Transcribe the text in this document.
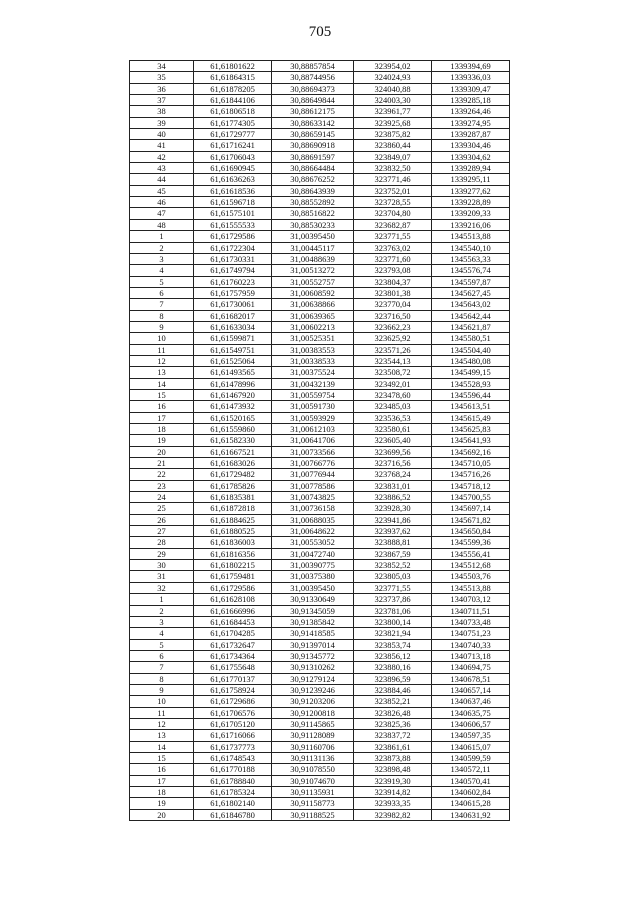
705
34	61,61801622	30,88857854	323954,02	1339394,69
35	61,61864315	30,88744956	324024,93	1339336,03
36	61,61878205	30,88694373	324040,88	1339309,47
37	61,61844106	30,88649844	324003,30	1339285,18
38	61,61806518	30,88612175	323961,77	1339264,46
39	61,61774305	30,88633142	323925,68	1339274,95
40	61,61729777	30,88659145	323875,82	1339287,87
41	61,61716241	30,88690918	323860,44	1339304,46
42	61,61706043	30,88691597	323849,07	1339304,62
43	61,61690945	30,88664484	323832,50	1339289,94
44	61,61636263	30,88676252	323771,46	1339295,11
45	61,61618536	30,88643939	323752,01	1339277,62
46	61,61596718	30,88552892	323728,55	1339228,89
47	61,61575101	30,88516822	323704,80	1339209,33
48	61,61555533	30,88530233	323682,87	1339216,06
1	61,61729586	31,00395450	323771,55	1345513,88
2	61,61722304	31,00445117	323763,02	1345540,10
3	61,61730331	31,00488639	323771,60	1345563,33
4	61,61749794	31,00513272	323793,08	1345576,74
5	61,61760223	31,00552757	323804,37	1345597,87
6	61,61757959	31,00608592	323801,38	1345627,45
7	61,61730061	31,00638866	323770,04	1345643,02
8	61,61682017	31,00639365	323716,50	1345642,44
9	61,61633034	31,00602213	323662,23	1345621,87
10	61,61599871	31,00525351	323625,92	1345580,51
11	61,61549751	31,00383553	323571,26	1345504,40
12	61,61525064	31,00338533	323544,13	1345480,08
13	61,61493565	31,00375524	323508,72	1345499,15
14	61,61478996	31,00432139	323492,01	1345528,93
15	61,61467920	31,00559754	323478,60	1345596,44
16	61,61473932	31,00591730	323485,03	1345613,51
17	61,61520165	31,00593929	323536,53	1345615,49
18	61,61559860	31,00612103	323580,61	1345625,83
19	61,61582330	31,00641706	323605,40	1345641,93
20	61,61667521	31,00733566	323699,56	1345692,16
21	61,61683026	31,00766776	323716,56	1345710,05
22	61,61729482	31,00776944	323768,24	1345716,26
23	61,61785826	31,00778586	323831,01	1345718,12
24	61,61835381	31,00743825	323886,52	1345700,55
25	61,61872818	31,00736158	323928,30	1345697,14
26	61,61884625	31,00688035	323941,86	1345671,82
27	61,61880525	31,00648622	323937,62	1345650,84
28	61,61836003	31,00553052	323888,81	1345599,36
29	61,61816356	31,00472740	323867,59	1345556,41
30	61,61802215	31,00390775	323852,52	1345512,68
31	61,61759481	31,00375380	323805,03	1345503,76
32	61,61729586	31,00395450	323771,55	1345513,88
1	61,61628108	30,91330649	323737,86	1340703,12
2	61,61666996	30,91345059	323781,06	1340711,51
3	61,61684453	30,91385842	323800,14	1340733,48
4	61,61704285	30,91418585	323821,94	1340751,23
5	61,61732647	30,91397014	323853,74	1340740,33
6	61,61734364	30,91345772	323856,12	1340713,18
7	61,61755648	30,91310262	323880,16	1340694,75
8	61,61770137	30,91279124	323896,59	1340678,51
9	61,61758924	30,91239246	323884,46	1340657,14
10	61,61729686	30,91203206	323852,21	1340637,46
11	61,61706576	30,91200818	323826,48	1340635,75
12	61,61705120	30,91145865	323825,36	1340606,57
13	61,61716066	30,91128089	323837,72	1340597,35
14	61,61737773	30,91160706	323861,61	1340615,07
15	61,61748543	30,91131136	323873,88	1340599,59
16	61,61770188	30,91078550	323898,48	1340572,11
17	61,61788840	30,91074670	323919,30	1340570,41
18	61,61785324	30,91135931	323914,82	1340602,84
19	61,61802140	30,91158773	323933,35	1340615,28
20	61,61846780	30,91188525	323982,82	1340631,92
